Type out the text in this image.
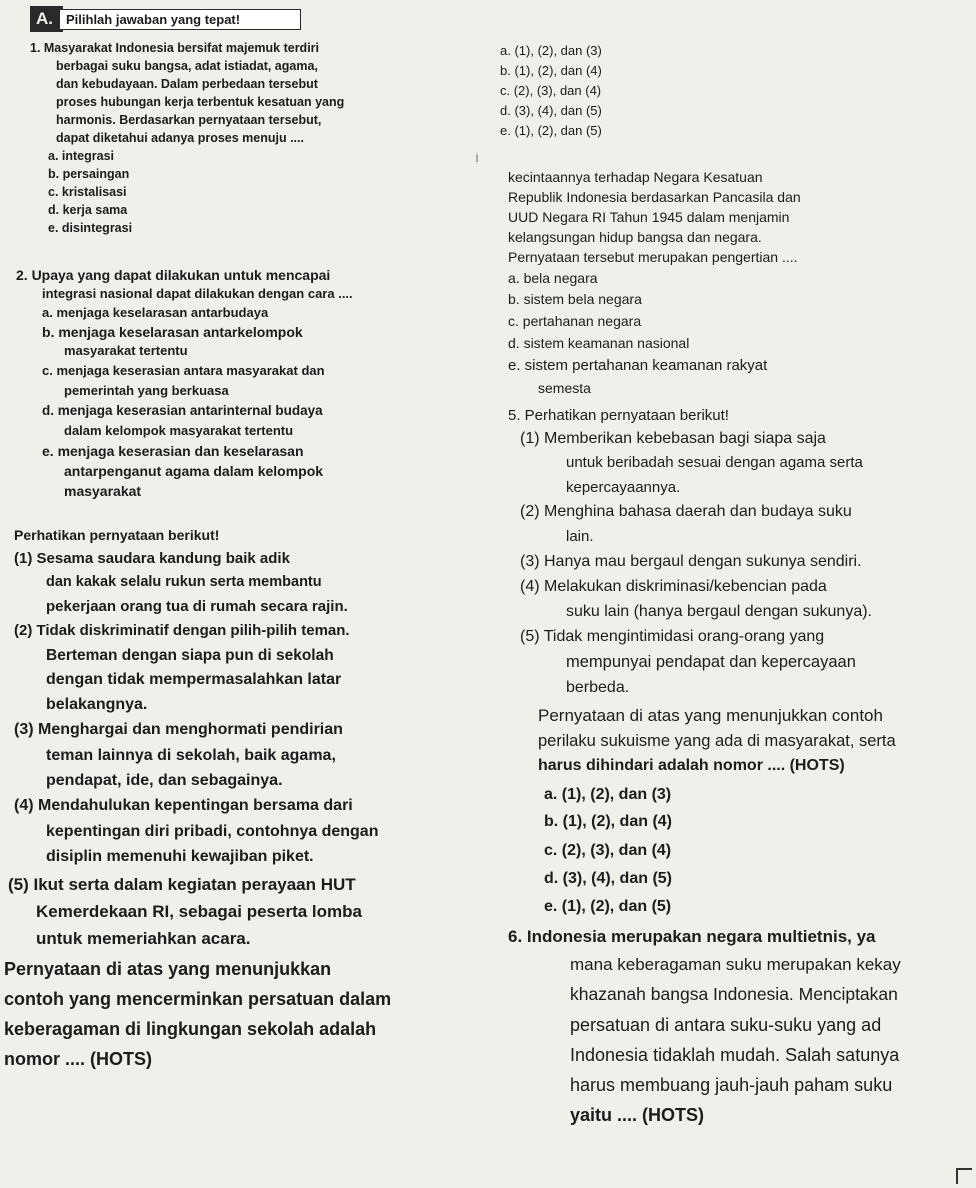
A.	Pilihlah jawaban yang tepat!
1. Masyarakat Indonesia bersifat majemuk terdiri
berbagai suku bangsa, adat istiadat, agama,
dan kebudayaan. Dalam perbedaan tersebut
proses hubungan kerja terbentuk kesatuan yang
harmonis. Berdasarkan pernyataan tersebut,
dapat diketahui adanya proses menuju ....
a. integrasi
b. persaingan
c. kristalisasi
d. kerja sama
e. disintegrasi
2. Upaya yang dapat dilakukan untuk mencapai
integrasi nasional dapat dilakukan dengan cara ....
a. menjaga keselarasan antarbudaya
b. menjaga keselarasan antarkelompok
masyarakat tertentu
c. menjaga keserasian antara masyarakat dan
pemerintah yang berkuasa
d. menjaga keserasian antarinternal budaya
dalam kelompok masyarakat tertentu
e. menjaga keserasian dan keselarasan
antarpenganut agama dalam kelompok
masyarakat
Perhatikan pernyataan berikut!
(1) Sesama saudara kandung baik adik
dan kakak selalu rukun serta membantu
pekerjaan orang tua di rumah secara rajin.
(2) Tidak diskriminatif dengan pilih-pilih teman.
Berteman dengan siapa pun di sekolah
dengan tidak mempermasalahkan latar
belakangnya.
(3) Menghargai dan menghormati pendirian
teman lainnya di sekolah, baik agama,
pendapat, ide, dan sebagainya.
(4) Mendahulukan kepentingan bersama dari
kepentingan diri pribadi, contohnya dengan
disiplin memenuhi kewajiban piket.
(5) Ikut serta dalam kegiatan perayaan HUT
Kemerdekaan RI, sebagai peserta lomba
untuk memeriahkan acara.
Pernyataan di atas yang menunjukkan
contoh yang mencerminkan persatuan dalam
keberagaman di lingkungan sekolah adalah
nomor .... (HOTS)
a. (1), (2), dan (3)
b. (1), (2), dan (4)
c. (2), (3), dan (4)
d. (3), (4), dan (5)
e. (1), (2), dan (5)
4. Sikap dan perilaku warga negara yang dijiwai
kecintaannya terhadap Negara Kesatuan
Republik Indonesia berdasarkan Pancasila dan
UUD Negara RI Tahun 1945 dalam menjamin
kelangsungan hidup bangsa dan negara.
Pernyataan tersebut merupakan pengertian ....
a. bela negara
b. sistem bela negara
c. pertahanan negara
d. sistem keamanan nasional
e. sistem pertahanan keamanan rakyat
semesta
5. Perhatikan pernyataan berikut!
(1) Memberikan kebebasan bagi siapa saja
untuk beribadah sesuai dengan agama serta
kepercayaannya.
(2) Menghina bahasa daerah dan budaya suku
lain.
(3) Hanya mau bergaul dengan sukunya sendiri.
(4) Melakukan diskriminasi/kebencian pada
suku lain (hanya bergaul dengan sukunya).
(5) Tidak mengintimidasi orang-orang yang
mempunyai pendapat dan kepercayaan
berbeda.
Pernyataan di atas yang menunjukkan contoh
perilaku sukuisme yang ada di masyarakat, serta
harus dihindari adalah nomor .... (HOTS)
a. (1), (2), dan (3)
b. (1), (2), dan (4)
c. (2), (3), dan (4)
d. (3), (4), dan (5)
e. (1), (2), dan (5)
6. Indonesia merupakan negara multietnis, ya
mana keberagaman suku merupakan kekay
khazanah bangsa Indonesia. Menciptakan
persatuan di antara suku-suku yang ad
Indonesia tidaklah mudah. Salah satunya
harus membuang jauh-jauh paham suku
yaitu .... (HOTS)
